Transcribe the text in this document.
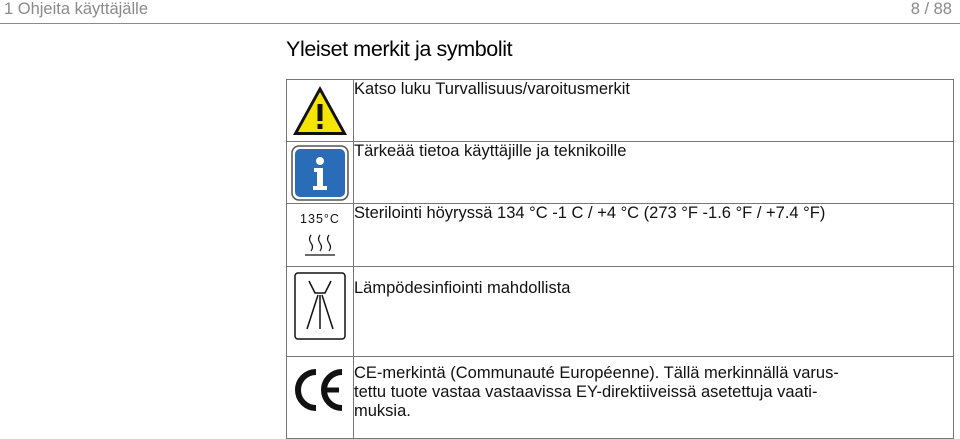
1 Ohjeita käyttäjälle	8 / 88
Yleiset merkit ja symbolit
	Katso luku Turvallisuus/varoitusmerkit

	Tärkeää tietoa käyttäjille ja teknikoille

135°C	Sterilointi höyryssä 134 °C -1 C / +4 °C (273 °F -1.6 °F / +7.4 °F)

	Lämpödesinfiointi mahdollista

	CE-merkintä (Communauté Européenne). Tällä merkinnällä varus-
tettu tuote vastaa vastaavissa EY-direktiiveissä asetettuja vaati-
muksia.
